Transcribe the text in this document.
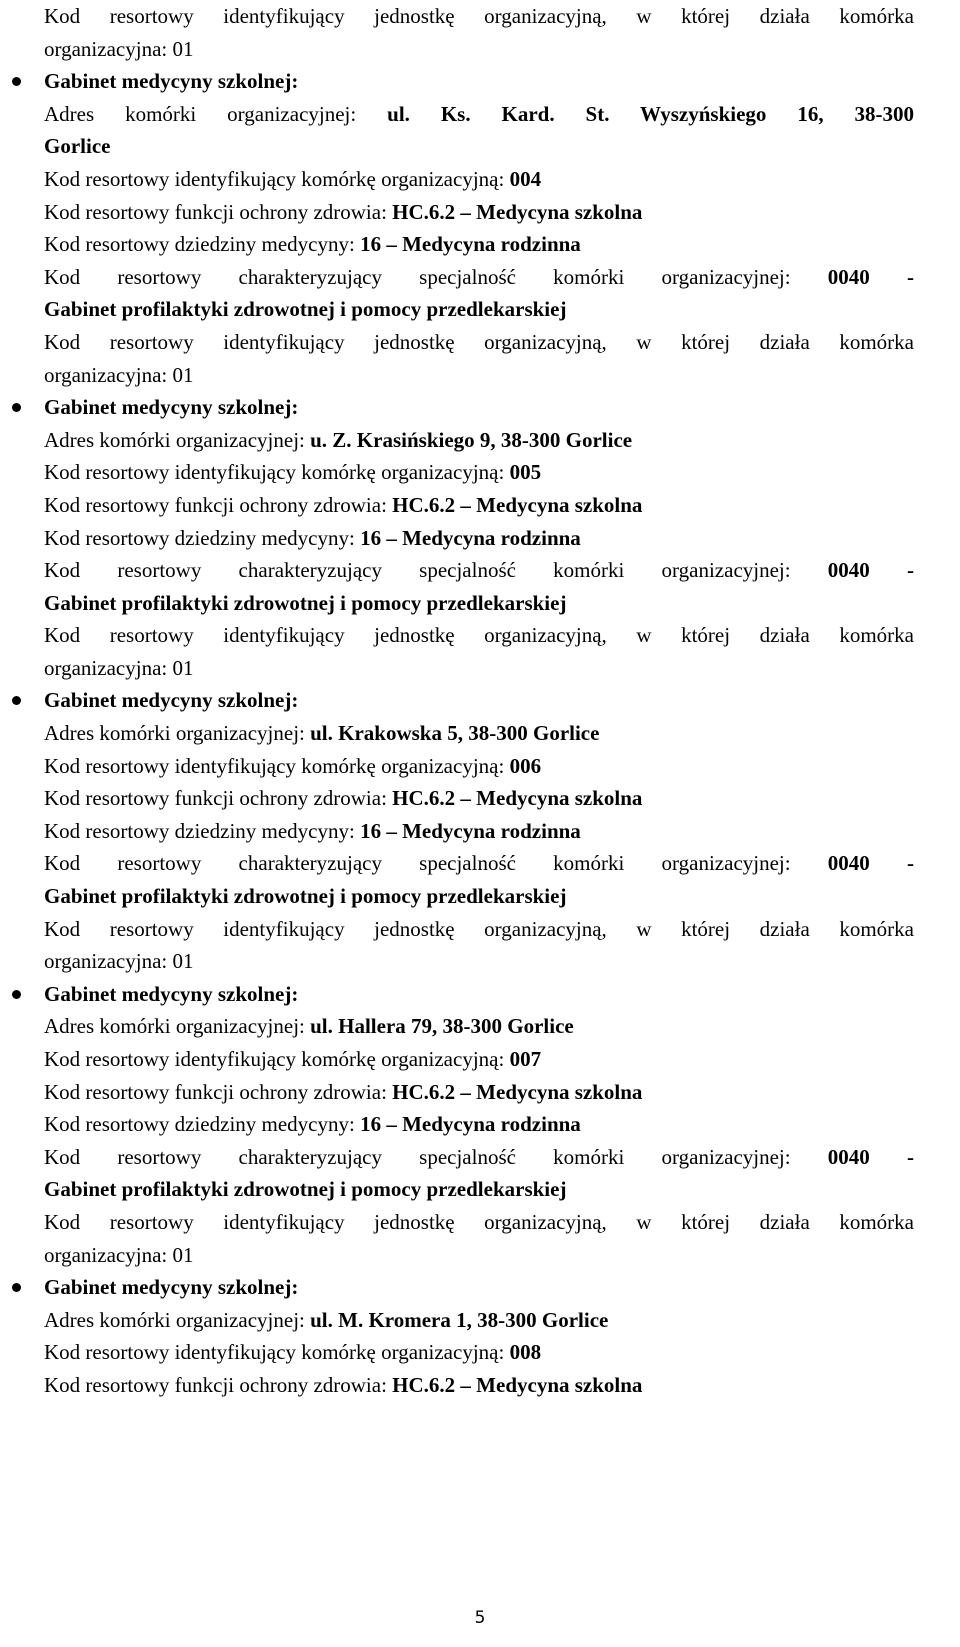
Kod resortowy identyfikujący jednostkę organizacyjną, w której działa komórka
organizacyjna: 01
Gabinet medycyny szkolnej:
Adres komórki organizacyjnej: ul. Ks. Kard. St. Wyszyńskiego 16, 38-300
Gorlice
Kod resortowy identyfikujący komórkę organizacyjną: 004
Kod resortowy funkcji ochrony zdrowia: HC.6.2 – Medycyna szkolna
Kod resortowy dziedziny medycyny: 16 – Medycyna rodzinna
Kod resortowy charakteryzujący specjalność komórki organizacyjnej: 0040 -
Gabinet profilaktyki zdrowotnej i pomocy przedlekarskiej
Kod resortowy identyfikujący jednostkę organizacyjną, w której działa komórka
organizacyjna: 01
Gabinet medycyny szkolnej:
Adres komórki organizacyjnej: u. Z. Krasińskiego 9, 38-300 Gorlice
Kod resortowy identyfikujący komórkę organizacyjną: 005
Kod resortowy funkcji ochrony zdrowia: HC.6.2 – Medycyna szkolna
Kod resortowy dziedziny medycyny: 16 – Medycyna rodzinna
Kod resortowy charakteryzujący specjalność komórki organizacyjnej: 0040 -
Gabinet profilaktyki zdrowotnej i pomocy przedlekarskiej
Kod resortowy identyfikujący jednostkę organizacyjną, w której działa komórka
organizacyjna: 01
Gabinet medycyny szkolnej:
Adres komórki organizacyjnej: ul. Krakowska 5, 38-300 Gorlice
Kod resortowy identyfikujący komórkę organizacyjną: 006
Kod resortowy funkcji ochrony zdrowia: HC.6.2 – Medycyna szkolna
Kod resortowy dziedziny medycyny: 16 – Medycyna rodzinna
Kod resortowy charakteryzujący specjalność komórki organizacyjnej: 0040 -
Gabinet profilaktyki zdrowotnej i pomocy przedlekarskiej
Kod resortowy identyfikujący jednostkę organizacyjną, w której działa komórka
organizacyjna: 01
Gabinet medycyny szkolnej:
Adres komórki organizacyjnej: ul. Hallera 79, 38-300 Gorlice
Kod resortowy identyfikujący komórkę organizacyjną: 007
Kod resortowy funkcji ochrony zdrowia: HC.6.2 – Medycyna szkolna
Kod resortowy dziedziny medycyny: 16 – Medycyna rodzinna
Kod resortowy charakteryzujący specjalność komórki organizacyjnej: 0040 -
Gabinet profilaktyki zdrowotnej i pomocy przedlekarskiej
Kod resortowy identyfikujący jednostkę organizacyjną, w której działa komórka
organizacyjna: 01
Gabinet medycyny szkolnej:
Adres komórki organizacyjnej: ul. M. Kromera 1, 38-300 Gorlice
Kod resortowy identyfikujący komórkę organizacyjną: 008
Kod resortowy funkcji ochrony zdrowia: HC.6.2 – Medycyna szkolna
5
